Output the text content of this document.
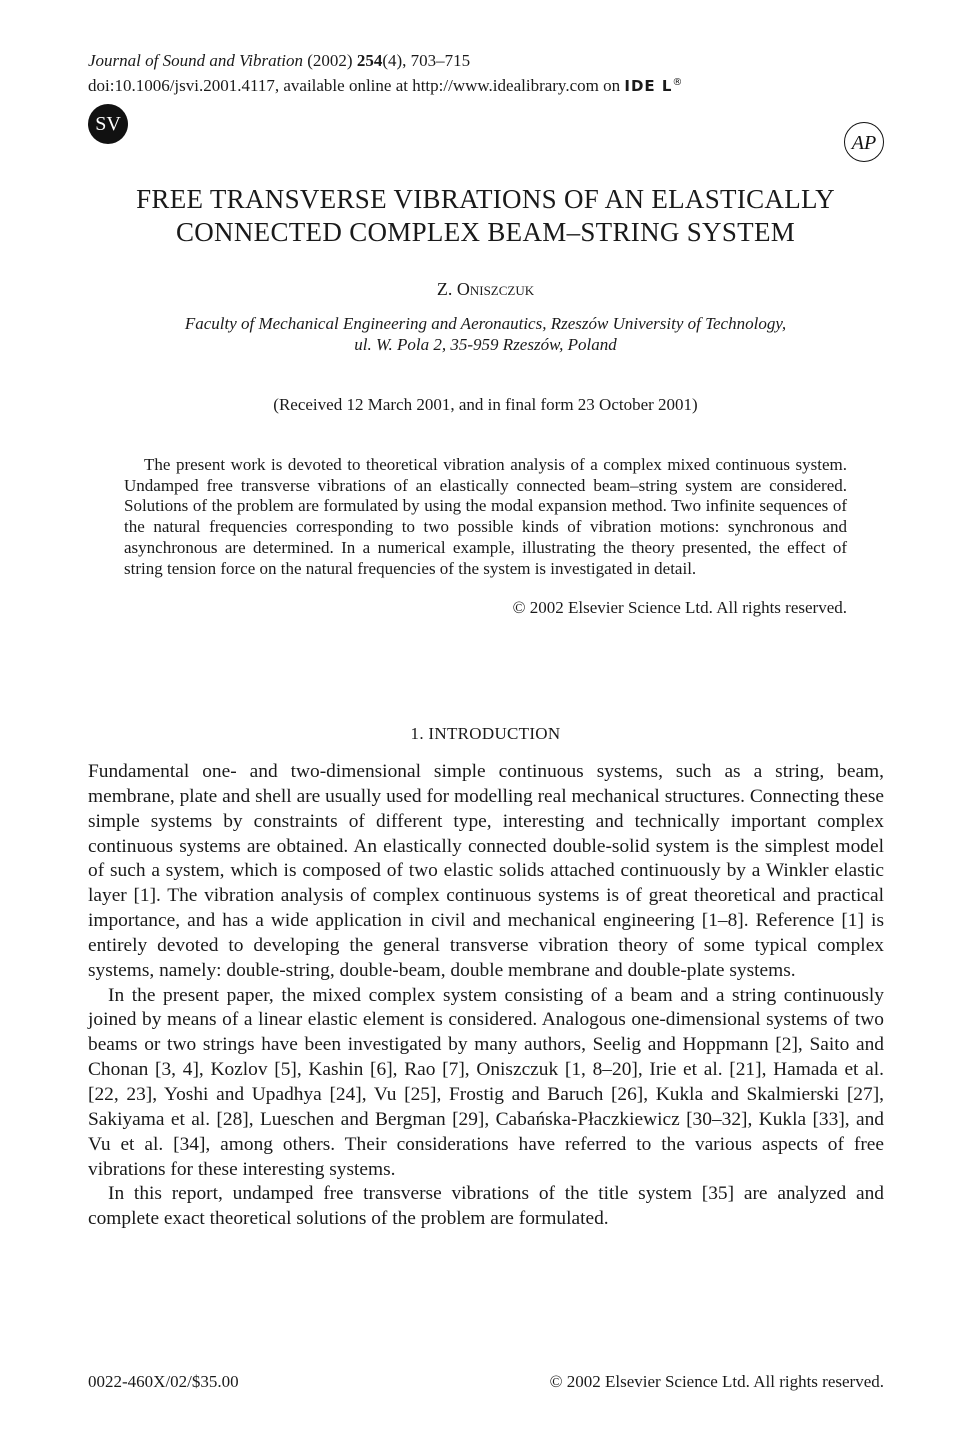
Journal of Sound and Vibration (2002) 254(4), 703–715
doi:10.1006/jsvi.2001.4117, available online at http://www.idealibrary.com on IDE L®
SV
AP
FREE TRANSVERSE VIBRATIONS OF AN ELASTICALLY
CONNECTED COMPLEX BEAM–STRING SYSTEM
Z. Oniszczuk
Faculty of Mechanical Engineering and Aeronautics, Rzeszów University of Technology,
ul. W. Pola 2, 35-959 Rzeszów, Poland
(Received 12 March 2001, and in final form 23 October 2001)

The present work is devoted to theoretical vibration analysis of a complex mixed continuous system. Undamped free transverse vibrations of an elastically connected beam–string system are considered. Solutions of the problem are formulated by using the modal expansion method. Two infinite sequences of the natural frequencies corresponding to two possible kinds of vibration motions: synchronous and asynchronous are determined. In a numerical example, illustrating the theory presented, the effect of string tension force on the natural frequencies of the system is investigated in detail.

© 2002 Elsevier Science Ltd. All rights reserved.
1. INTRODUCTION

Fundamental one- and two-dimensional simple continuous systems, such as a string, beam, membrane, plate and shell are usually used for modelling real mechanical structures. Connecting these simple systems by constraints of different type, interesting and technically important complex continuous systems are obtained. An elastically connected double-solid system is the simplest model of such a system, which is composed of two elastic solids attached continuously by a Winkler elastic layer [1]. The vibration analysis of complex continuous systems is of great theoretical and practical importance, and has a wide application in civil and mechanical engineering [1–8]. Reference [1] is entirely devoted to developing the general transverse vibration theory of some typical complex systems, namely: double-string, double-beam, double membrane and double-plate systems.

In the present paper, the mixed complex system consisting of a beam and a string continuously joined by means of a linear elastic element is considered. Analogous one-dimensional systems of two beams or two strings have been investigated by many authors, Seelig and Hoppmann [2], Saito and Chonan [3, 4], Kozlov [5], Kashin [6], Rao [7], Oniszczuk [1, 8–20], Irie et al. [21], Hamada et al. [22, 23], Yoshi and Upadhya [24], Vu [25], Frostig and Baruch [26], Kukla and Skalmierski [27], Sakiyama et al. [28], Lueschen and Bergman [29], Cabańska-Płaczkiewicz [30–32], Kukla [33], and Vu et al. [34], among others. Their considerations have referred to the various aspects of free vibrations for these interesting systems.

In this report, undamped free transverse vibrations of the title system [35] are analyzed and complete exact theoretical solutions of the problem are formulated.

0022-460X/02/$35.00	© 2002 Elsevier Science Ltd. All rights reserved.
